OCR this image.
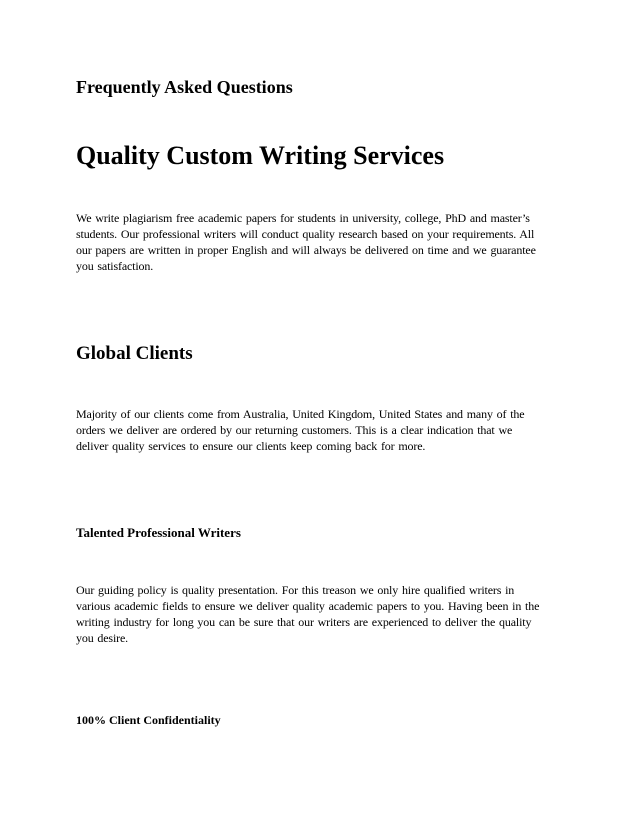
Frequently Asked Questions
Quality Custom Writing Services

We write plagiarism free academic papers for students in university, college, PhD and master’s
students. Our professional writers will conduct quality research based on your requirements. All
our papers are written in proper English and will always be delivered on time and we guarantee
you satisfaction.

Global Clients

Majority of our clients come from Australia, United Kingdom, United States and many of the
orders we deliver are ordered by our returning customers. This is a clear indication that we
deliver quality services to ensure our clients keep coming back for more.

Talented Professional Writers

Our guiding policy is quality presentation. For this treason we only hire qualified writers in
various academic fields to ensure we deliver quality academic papers to you. Having been in the
writing industry for long you can be sure that our writers are experienced to deliver the quality
you desire.

100% Client Confidentiality
